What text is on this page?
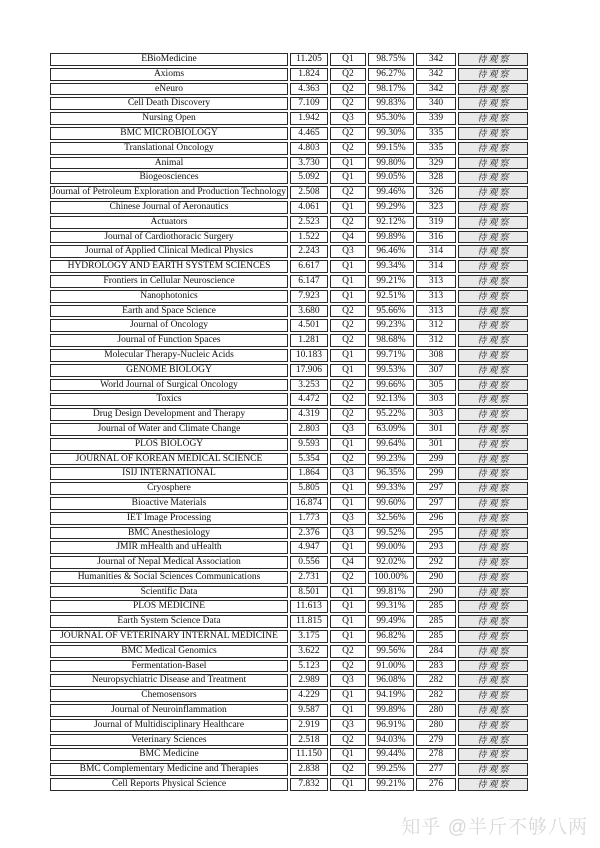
EBioMedicine	11.205	Q1	98.75%	342	待观察
Axioms	1.824	Q2	96.27%	342	待观察
eNeuro	4.363	Q2	98.17%	342	待观察
Cell Death Discovery	7.109	Q2	99.83%	340	待观察
Nursing Open	1.942	Q3	95.30%	339	待观察
BMC MICROBIOLOGY	4.465	Q2	99.30%	335	待观察
Translational Oncology	4.803	Q2	99.15%	335	待观察
Animal	3.730	Q1	99.80%	329	待观察
Biogeosciences	5.092	Q1	99.05%	328	待观察
Journal of Petroleum Exploration and Production Technology	2.508	Q2	99.46%	326	待观察
Chinese Journal of Aeronautics	4.061	Q1	99.29%	323	待观察
Actuators	2.523	Q2	92.12%	319	待观察
Journal of Cardiothoracic Surgery	1.522	Q4	99.89%	316	待观察
Journal of Applied Clinical Medical Physics	2.243	Q3	96.46%	314	待观察
HYDROLOGY AND EARTH SYSTEM SCIENCES	6.617	Q1	99.34%	314	待观察
Frontiers in Cellular Neuroscience	6.147	Q1	99.21%	313	待观察
Nanophotonics	7.923	Q1	92.51%	313	待观察
Earth and Space Science	3.680	Q2	95.66%	313	待观察
Journal of Oncology	4.501	Q2	99.23%	312	待观察
Journal of Function Spaces	1.281	Q2	98.68%	312	待观察
Molecular Therapy-Nucleic Acids	10.183	Q1	99.71%	308	待观察
GENOME BIOLOGY	17.906	Q1	99.53%	307	待观察
World Journal of Surgical Oncology	3.253	Q2	99.66%	305	待观察
Toxics	4.472	Q2	92.13%	303	待观察
Drug Design Development and Therapy	4.319	Q2	95.22%	303	待观察
Journal of Water and Climate Change	2.803	Q3	63.09%	301	待观察
PLOS BIOLOGY	9.593	Q1	99.64%	301	待观察
JOURNAL OF KOREAN MEDICAL SCIENCE	5.354	Q2	99.23%	299	待观察
ISIJ INTERNATIONAL	1.864	Q3	96.35%	299	待观察
Cryosphere	5.805	Q1	99.33%	297	待观察
Bioactive Materials	16.874	Q1	99.60%	297	待观察
IET Image Processing	1.773	Q3	32.56%	296	待观察
BMC Anesthesiology	2.376	Q3	99.52%	295	待观察
JMIR mHealth and uHealth	4.947	Q1	99.00%	293	待观察
Journal of Nepal Medical Association	0.556	Q4	92.02%	292	待观察
Humanities & Social Sciences Communications	2.731	Q2	100.00%	290	待观察
Scientific Data	8.501	Q1	99.81%	290	待观察
PLOS MEDICINE	11.613	Q1	99.31%	285	待观察
Earth System Science Data	11.815	Q1	99.49%	285	待观察
JOURNAL OF VETERINARY INTERNAL MEDICINE	3.175	Q1	96.82%	285	待观察
BMC Medical Genomics	3.622	Q2	99.56%	284	待观察
Fermentation-Basel	5.123	Q2	91.00%	283	待观察
Neuropsychiatric Disease and Treatment	2.989	Q3	96.08%	282	待观察
Chemosensors	4.229	Q1	94.19%	282	待观察
Journal of Neuroinflammation	9.587	Q1	99.89%	280	待观察
Journal of Multidisciplinary Healthcare	2.919	Q3	96.91%	280	待观察
Veterinary Sciences	2.518	Q2	94.03%	279	待观察
BMC Medicine	11.150	Q1	99.44%	278	待观察
BMC Complementary Medicine and Therapies	2.838	Q2	99.25%	277	待观察
Cell Reports Physical Science	7.832	Q1	99.21%	276	待观察
知乎 @半斤不够八两
